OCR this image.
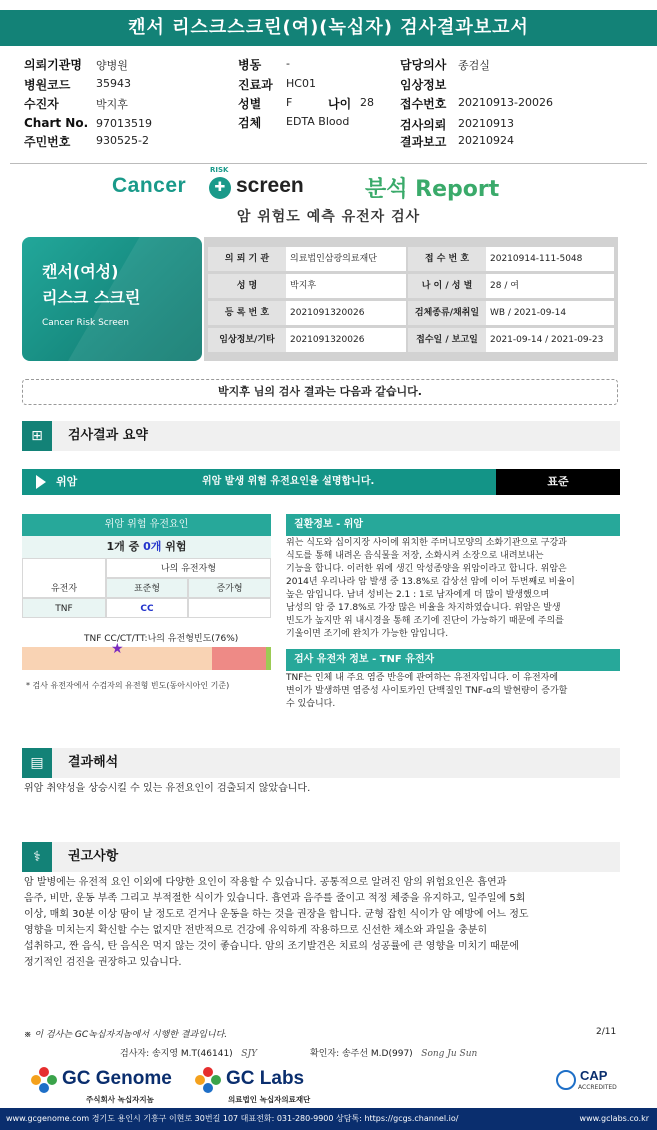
캔서 리스크스크린(여)(녹십자) 검사결과보고서
의뢰기관명 양병원
병원코드 35943
수진자	박지후
Chart No. 97013519
주민번호 930525-2
병동 -
진료과 HC01
성별 F	나이 28
검체 EDTA Blood
담당의사 종검실
임상정보
접수번호 20210913-20026
검사의뢰 20210913
결과보고 20210924
Cancer
RISK
✚ screen	분석 Report
암 위험도 예측 유전자 검사
캔서(여성)
리스크 스크린
Cancer Risk Screen
의 뢰 기 관	의료법인삼광의료재단	접 수 번 호	20210914-111-5048
성 명	박지후	나 이 / 성 별	28 / 여
등 록 번 호	2021091320026	검체종류/채취일	WB / 2021-09-14
임상정보/기타	2021091320026	접수일 / 보고일	2021-09-14 / 2021-09-23
박지후 님의 검사 결과는 다음과 같습니다.
⊞	검사결과 요약
위암	위암 발생 위험 유전요인을 설명합니다.	표준
위암 위험 유전요인
1개 중 0개 위험
유전자
나의 유전자형
표준형	증가형
TNF	CC
TNF CC/CT/TT:나의 유전형빈도(76%)
★
* 검사 유전자에서 수검자의 유전형 빈도(동아시아인 기준)
질환정보 - 위암
위는 식도와 십이지장 사이에 위치한 주머니모양의 소화기관으로 구강과
식도를 통해 내려온 음식물을 저장, 소화시켜 소장으로 내려보내는
기능을 합니다. 이러한 위에 생긴 악성종양을 위암이라고 합니다. 위암은
2014년 우리나라 암 발생 중 13.8%로 갑상선 암에 이어 두번째로 비율이
높은 암입니다. 남녀 성비는 2.1 : 1로 남자에게 더 많이 발생했으며
남성의 암 중 17.8%로 가장 많은 비율을 차지하였습니다. 위암은 발생
빈도가 높지만 위 내시경을 통해 조기에 진단이 가능하기 때문에 주의를
기울이면 조기에 완치가 가능한 암입니다.
검사 유전자 정보 - TNF 유전자
TNF는 인체 내 주요 염증 반응에 관여하는 유전자입니다. 이 유전자에
변이가 발생하면 염증성 사이토카인 단백질인 TNF-α의 발현량이 증가할
수 있습니다.
▤	결과해석
위암 취약성을 상승시킬 수 있는 유전요인이 검출되지 않았습니다.
⚕	권고사항
암 발병에는 유전적 요인 이외에 다양한 요인이 작용할 수 있습니다. 공통적으로 알려진 암의 위험요인은 흡연과
음주, 비만, 운동 부족 그리고 부적절한 식이가 있습니다. 흡연과 음주를 줄이고 적정 체중을 유지하고, 일주일에 5회
이상, 매회 30분 이상 땀이 날 정도로 걷거나 운동을 하는 것을 권장을 합니다. 균형 잡힌 식이가 암 예방에 어느 정도
영향을 미치는지 확신할 수는 없지만 전반적으로 건강에 유익하게 작용하므로 신선한 채소와 과일을 충분히
섭취하고, 짠 음식, 탄 음식은 먹지 않는 것이 좋습니다. 암의 조기발견은 치료의 성공률에 큰 영향을 미치기 때문에
정기적인 검진을 권장하고 있습니다.
※ 이 검사는 GC녹십자지놈에서 시행한 결과입니다.	2/11
검사자: 송지영 M.T(46141) SJY	확인자: 송주선 M.D(997) Song Ju Sun
GC Genome
주식회사 녹십자지놈
GC Labs
의료법인 녹십자의료재단
CAP
ACCREDITED
www.gcgenome.com 경기도 용인시 기흥구 이현로 30번길 107 대표전화: 031-280-9900 상담톡: https://gcgs.channel.io/	www.gclabs.co.kr
